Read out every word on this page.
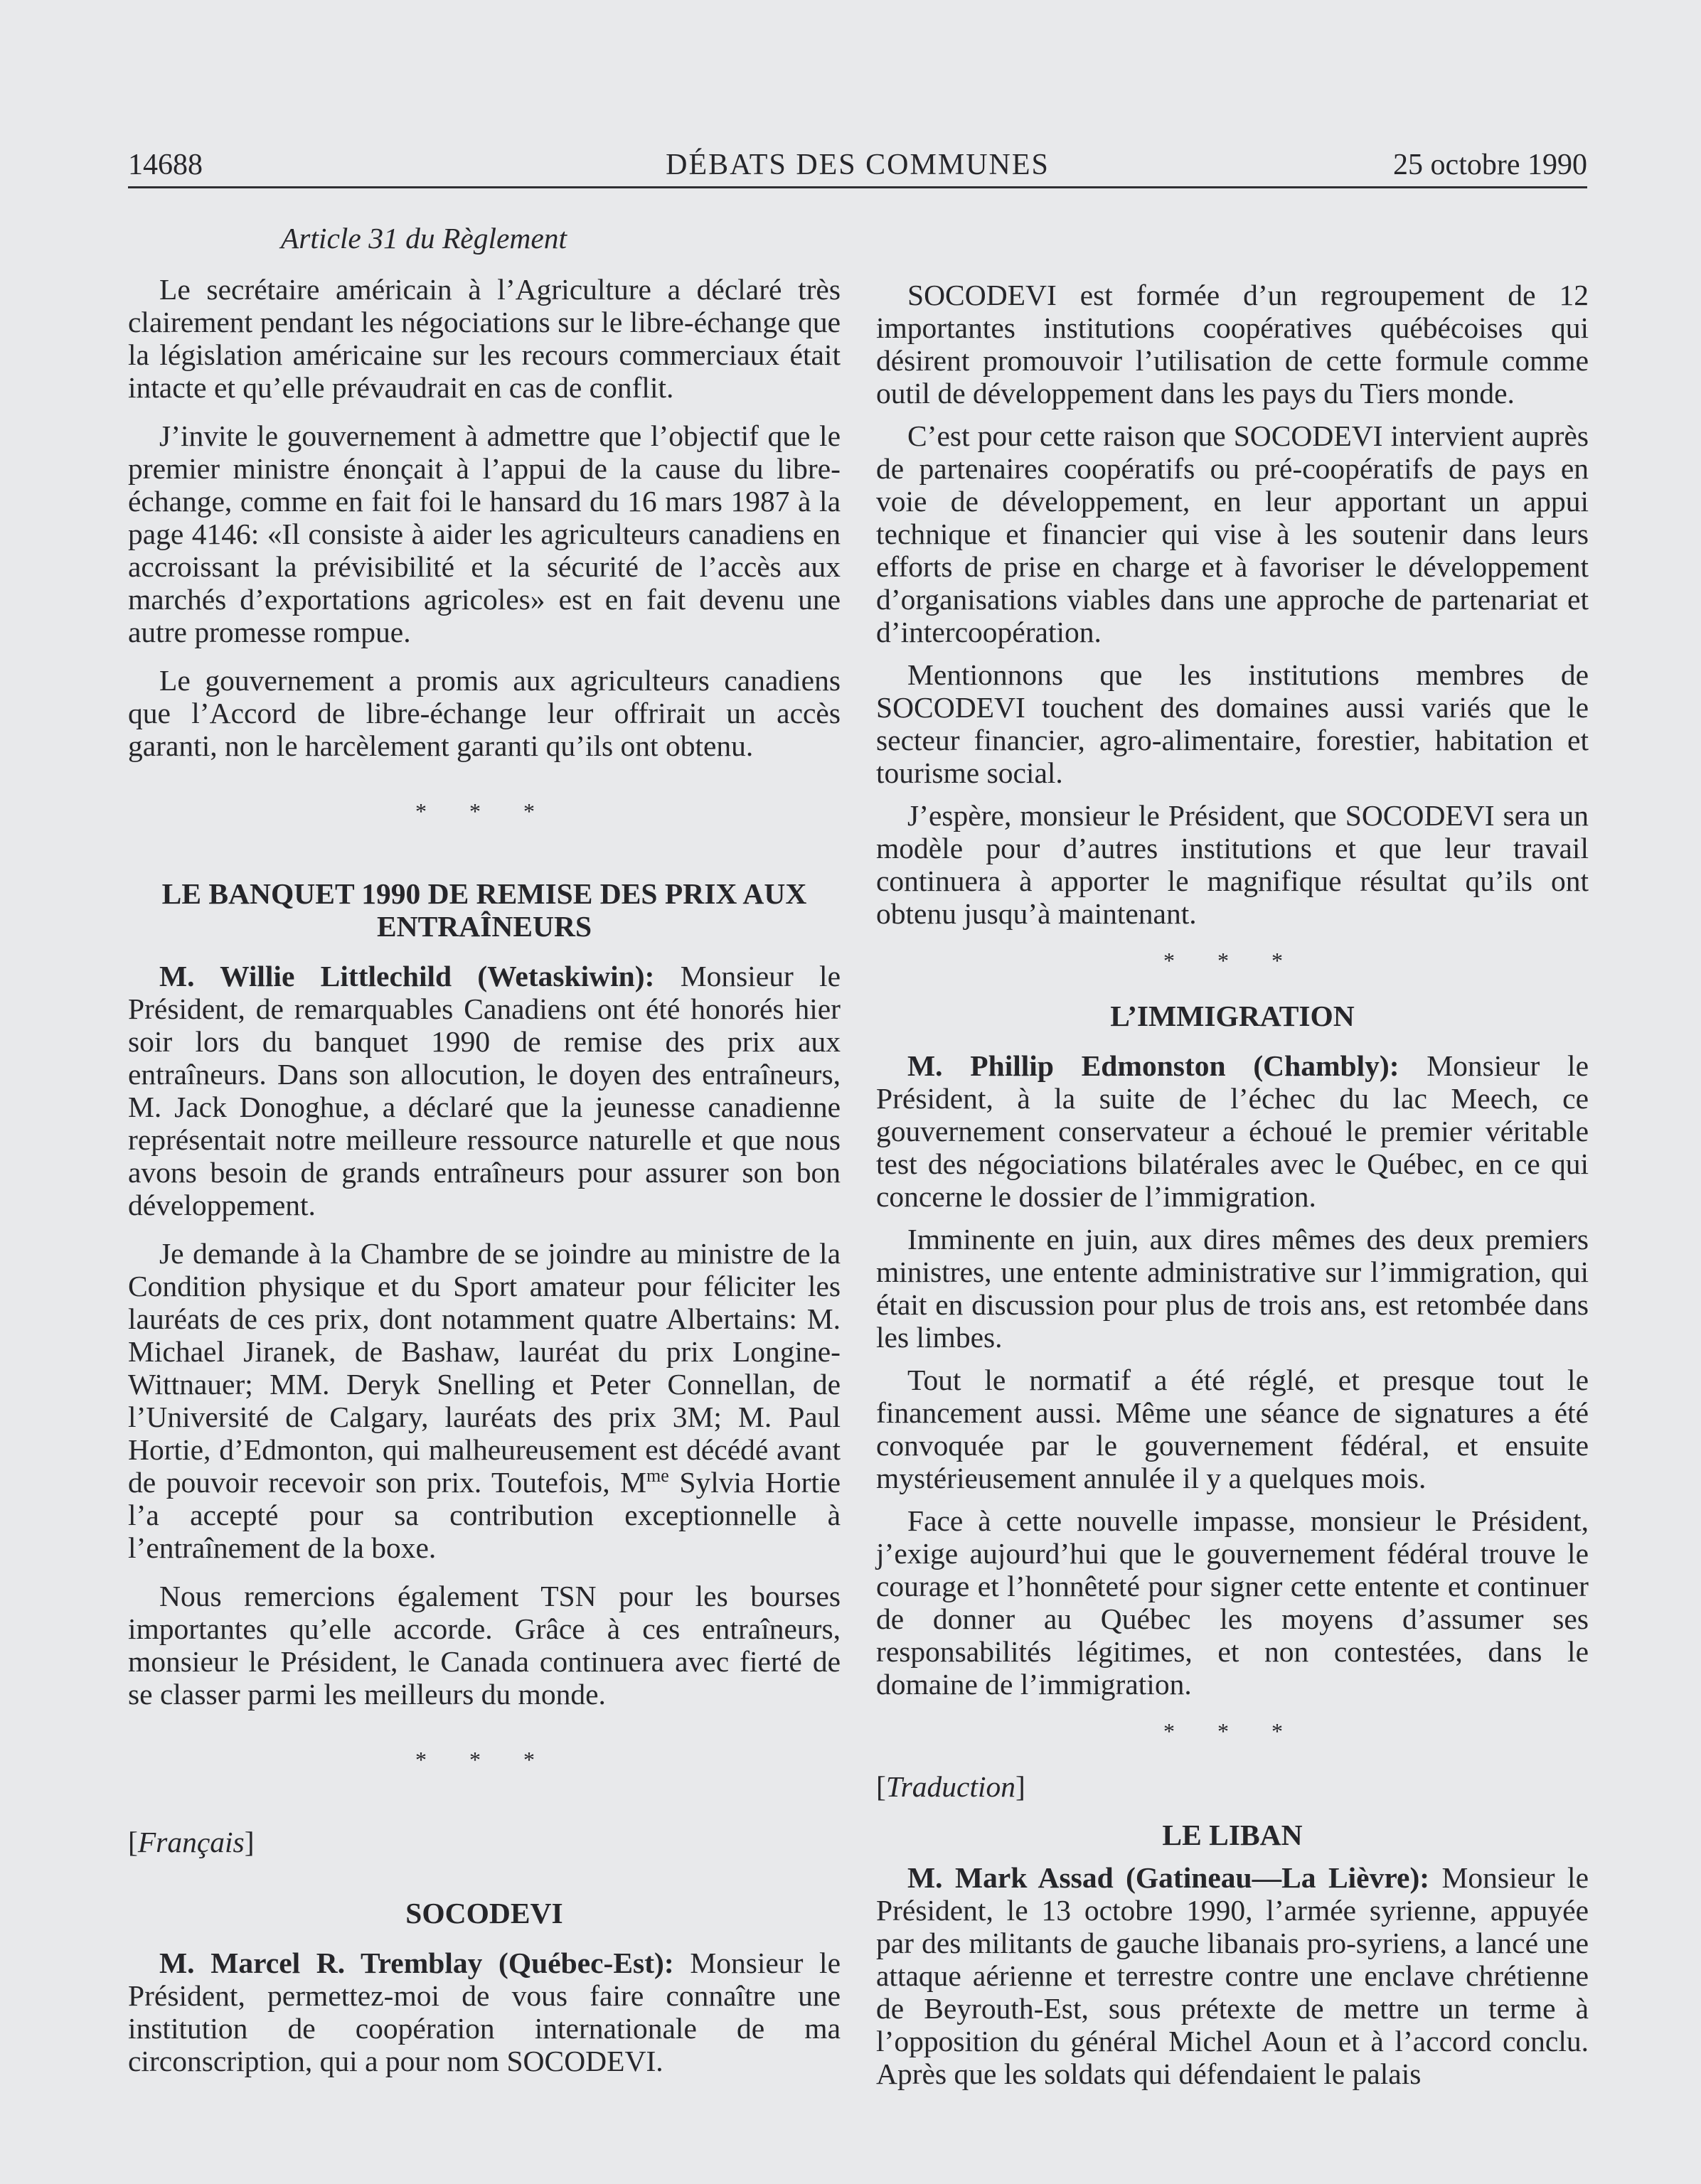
14688	DÉBATS DES COMMUNES	25 octobre 1990
Article 31 du Règlement

Le secrétaire américain à l’Agriculture a déclaré très clairement pendant les négociations sur le libre-échange que la législation américaine sur les recours commerciaux était intacte et qu’elle prévaudrait en cas de conflit.

J’invite le gouvernement à admettre que l’objectif que le premier ministre énonçait à l’appui de la cause du libre-échange, comme en fait foi le hansard du 16 mars 1987 à la page 4146: «Il consiste à aider les agriculteurs canadiens en accroissant la prévisibilité et la sécurité de l’accès aux marchés d’exportations agricoles» est en fait devenu une autre promesse rompue.

Le gouvernement a promis aux agriculteurs canadiens que l’Accord de libre-échange leur offrirait un accès garanti, non le harcèlement garanti qu’ils ont obtenu.

* * *
LE BANQUET 1990 DE REMISE DES PRIX AUX ENTRAÎNEURS

M. Willie Littlechild (Wetaskiwin): Monsieur le Président, de remarquables Canadiens ont été honorés hier soir lors du banquet 1990 de remise des prix aux entraîneurs. Dans son allocution, le doyen des entraîneurs, M. Jack Donoghue, a déclaré que la jeunesse canadienne représentait notre meilleure ressource naturelle et que nous avons besoin de grands entraîneurs pour assurer son bon développement.

Je demande à la Chambre de se joindre au ministre de la Condition physique et du Sport amateur pour féliciter les lauréats de ces prix, dont notamment quatre Albertains: M. Michael Jiranek, de Bashaw, lauréat du prix Longine-Wittnauer; MM. Deryk Snelling et Peter Connellan, de l’Université de Calgary, lauréats des prix 3M; M. Paul Hortie, d’Edmonton, qui malheureusement est décédé avant de pouvoir recevoir son prix. Toutefois, $M^{me}$ Sylvia Hortie l’a accepté pour sa contribution exceptionnelle à l’entraînement de la boxe.

Nous remercions également TSN pour les bourses importantes qu’elle accorde. Grâce à ces entraîneurs, monsieur le Président, le Canada continuera avec fierté de se classer parmi les meilleurs du monde.

* * *
[Français]
SOCODEVI

M. Marcel R. Tremblay (Québec-Est): Monsieur le Président, permettez-moi de vous faire connaître une institution de coopération internationale de ma circonscription, qui a pour nom SOCODEVI.

SOCODEVI est formée d’un regroupement de 12 importantes institutions coopératives québécoises qui désirent promouvoir l’utilisation de cette formule comme outil de développement dans les pays du Tiers monde.

C’est pour cette raison que SOCODEVI intervient auprès de partenaires coopératifs ou pré-coopératifs de pays en voie de développement, en leur apportant un appui technique et financier qui vise à les soutenir dans leurs efforts de prise en charge et à favoriser le développement d’organisations viables dans une approche de partenariat et d’intercoopération.

Mentionnons que les institutions membres de SOCODEVI touchent des domaines aussi variés que le secteur financier, agro-alimentaire, forestier, habitation et tourisme social.

J’espère, monsieur le Président, que SOCODEVI sera un modèle pour d’autres institutions et que leur travail continuera à apporter le magnifique résultat qu’ils ont obtenu jusqu’à maintenant.

* * *
L’IMMIGRATION

M. Phillip Edmonston (Chambly): Monsieur le Président, à la suite de l’échec du lac Meech, ce gouvernement conservateur a échoué le premier véritable test des négociations bilatérales avec le Québec, en ce qui concerne le dossier de l’immigration.

Imminente en juin, aux dires mêmes des deux premiers ministres, une entente administrative sur l’immigration, qui était en discussion pour plus de trois ans, est retombée dans les limbes.

Tout le normatif a été réglé, et presque tout le financement aussi. Même une séance de signatures a été convoquée par le gouvernement fédéral, et ensuite mystérieusement annulée il y a quelques mois.

Face à cette nouvelle impasse, monsieur le Président, j’exige aujourd’hui que le gouvernement fédéral trouve le courage et l’honnêteté pour signer cette entente et continuer de donner au Québec les moyens d’assumer ses responsabilités légitimes, et non contestées, dans le domaine de l’immigration.

* * *
[Traduction]
LE LIBAN

M. Mark Assad (Gatineau—La Lièvre): Monsieur le Président, le 13 octobre 1990, l’armée syrienne, appuyée par des militants de gauche libanais pro-syriens, a lancé une attaque aérienne et terrestre contre une enclave chrétienne de Beyrouth-Est, sous prétexte de mettre un terme à l’opposition du général Michel Aoun et à l’accord conclu. Après que les soldats qui défendaient le palais
